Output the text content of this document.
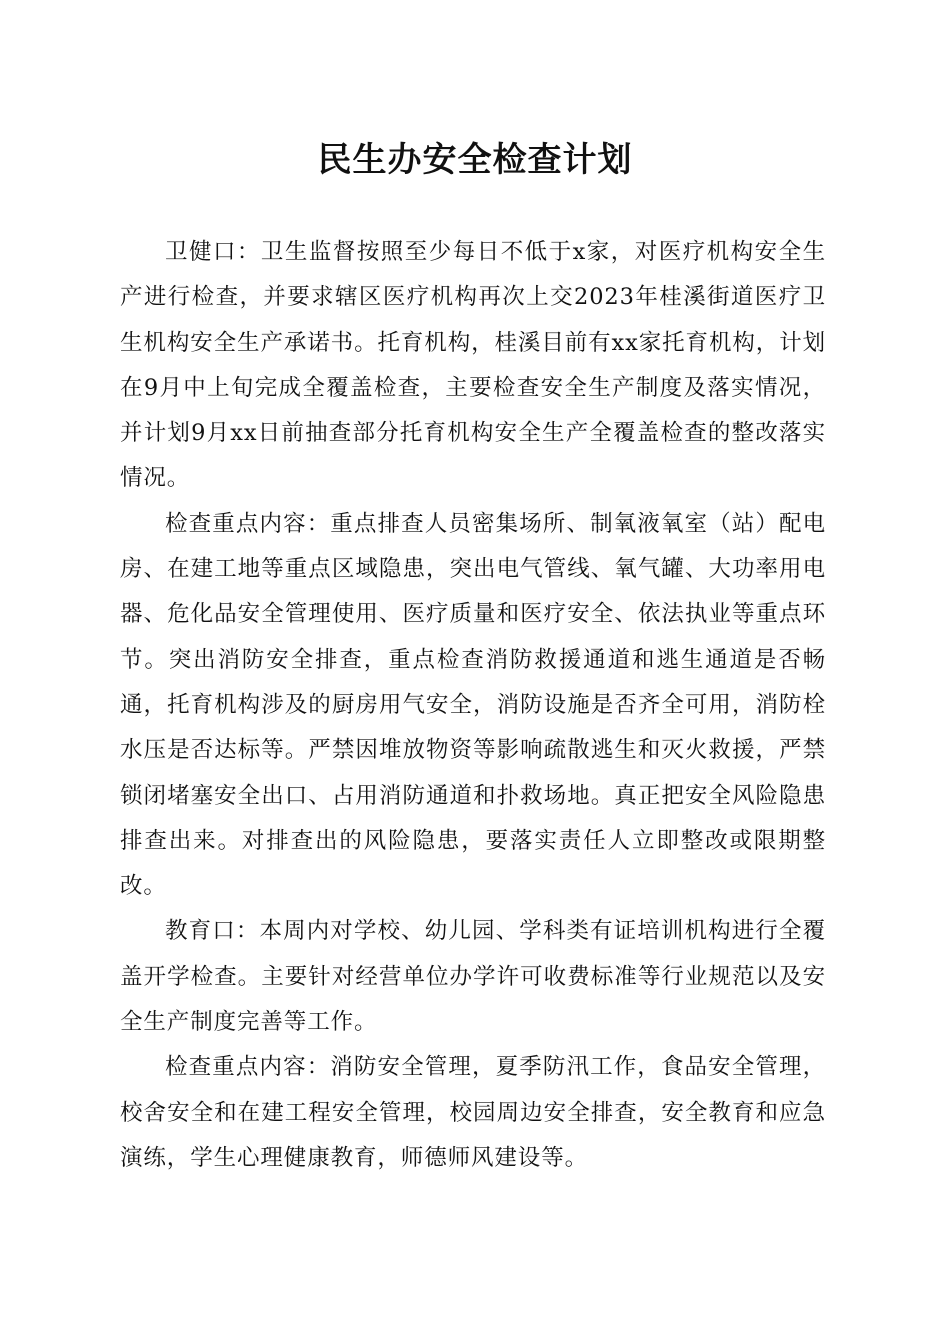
民生办安全检查计划

卫健口：卫生监督按照至少每日不低于x家，对医疗机构安全生产进行检查，并要求辖区医疗机构再次上交2023年桂溪街道医疗卫生机构安全生产承诺书。托育机构，桂溪目前有xx家托育机构，计划在9月中上旬完成全覆盖检查，主要检查安全生产制度及落实情况，并计划9月xx日前抽查部分托育机构安全生产全覆盖检查的整改落实情况。

检查重点内容：重点排查人员密集场所、制氧液氧室（站）配电房、在建工地等重点区域隐患，突出电气管线、氧气罐、大功率用电器、危化品安全管理使用、医疗质量和医疗安全、依法执业等重点环节。突出消防安全排查，重点检查消防救援通道和逃生通道是否畅通，托育机构涉及的厨房用气安全，消防设施是否齐全可用，消防栓水压是否达标等。严禁因堆放物资等影响疏散逃生和灭火救援，严禁锁闭堵塞安全出口、占用消防通道和扑救场地。真正把安全风险隐患排查出来。对排查出的风险隐患，要落实责任人立即整改或限期整改。

教育口：本周内对学校、幼儿园、学科类有证培训机构进行全覆盖开学检查。主要针对经营单位办学许可收费标准等行业规范以及安全生产制度完善等工作。

检查重点内容：消防安全管理，夏季防汛工作，食品安全管理，校舍安全和在建工程安全管理，校园周边安全排查，安全教育和应急演练，学生心理健康教育，师德师风建设等。
